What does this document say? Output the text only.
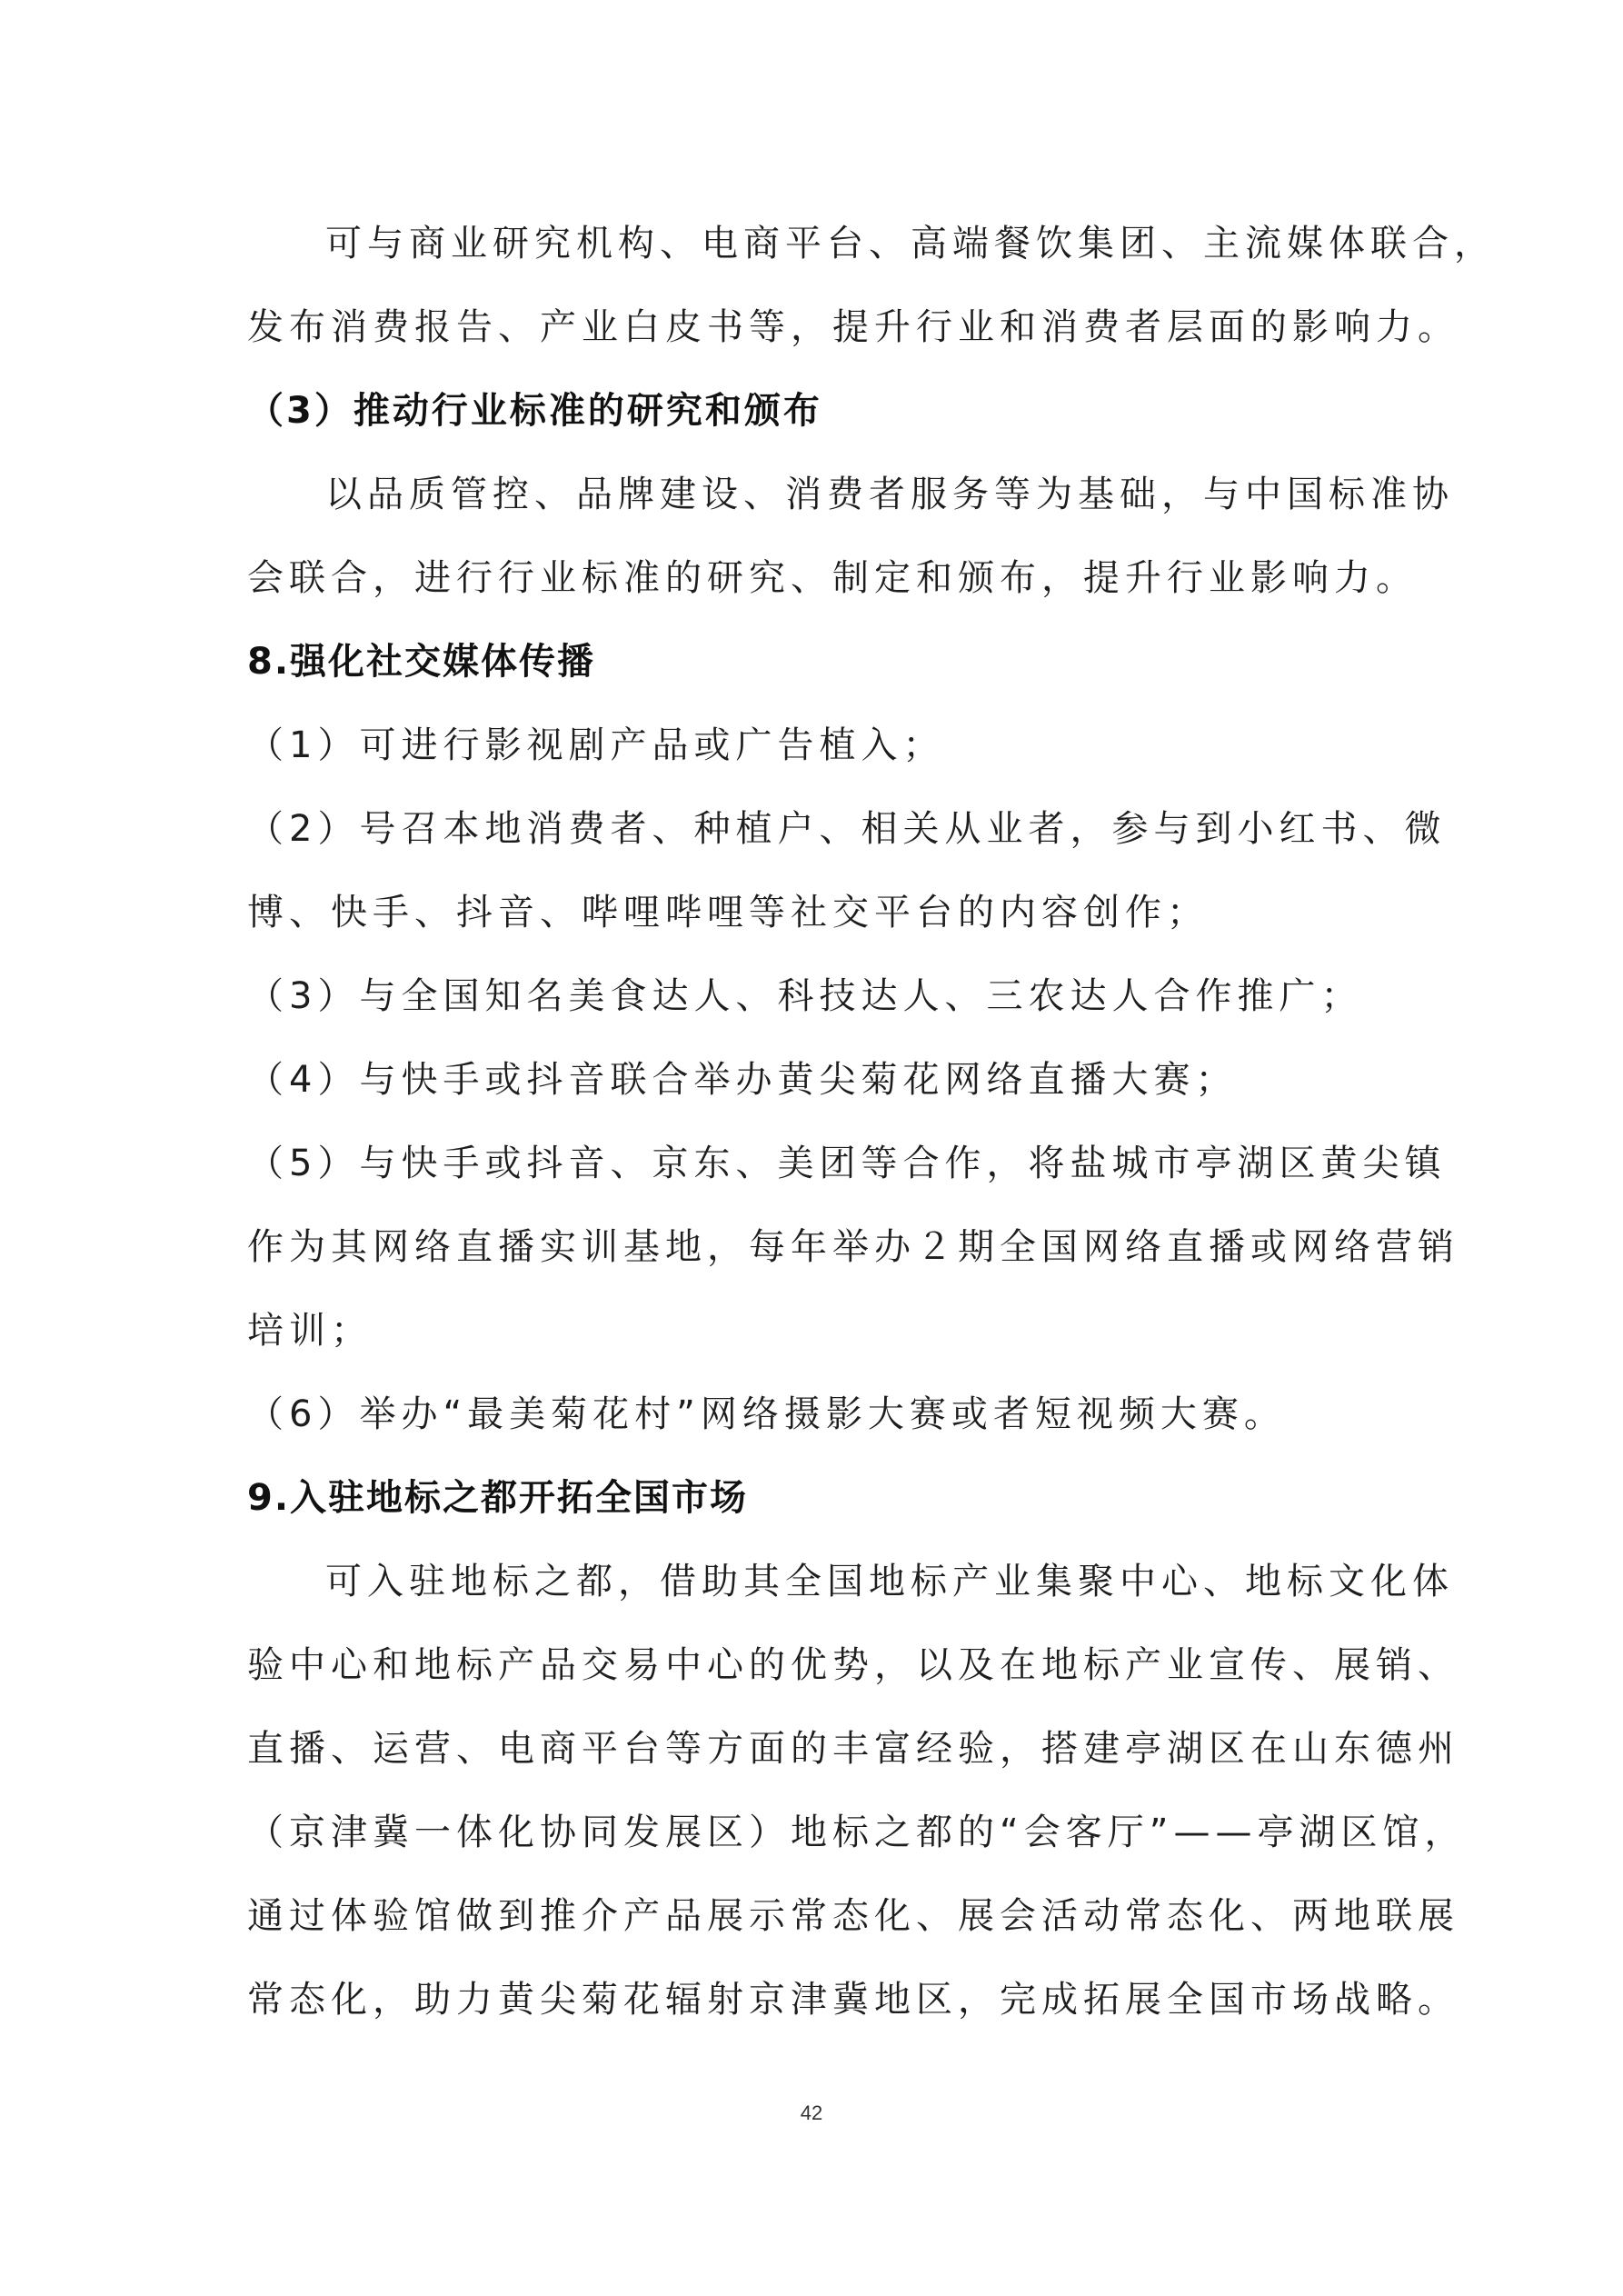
可与商业研究机构、电商平台、高端餐饮集团、主流媒体联合，
发布消费报告、产业白皮书等，提升行业和消费者层面的影响力。
（3）推动行业标准的研究和颁布
以品质管控、品牌建设、消费者服务等为基础，与中国标准协
会联合，进行行业标准的研究、制定和颁布，提升行业影响力。
8.强化社交媒体传播
（1）可进行影视剧产品或广告植入；
（2）号召本地消费者、种植户、相关从业者，参与到小红书、微
博、快手、抖音、哔哩哔哩等社交平台的内容创作；
（3）与全国知名美食达人、科技达人、三农达人合作推广；
（4）与快手或抖音联合举办黄尖菊花网络直播大赛；
（5）与快手或抖音、京东、美团等合作，将盐城市亭湖区黄尖镇
作为其网络直播实训基地，每年举办２期全国网络直播或网络营销
培训；
（6）举办“最美菊花村”网络摄影大赛或者短视频大赛。
9.入驻地标之都开拓全国市场
可入驻地标之都，借助其全国地标产业集聚中心、地标文化体
验中心和地标产品交易中心的优势，以及在地标产业宣传、展销、
直播、运营、电商平台等方面的丰富经验，搭建亭湖区在山东德州
（京津冀一体化协同发展区）地标之都的“会客厅”——亭湖区馆，
通过体验馆做到推介产品展示常态化、展会活动常态化、两地联展
常态化，助力黄尖菊花辐射京津冀地区，完成拓展全国市场战略。
42
